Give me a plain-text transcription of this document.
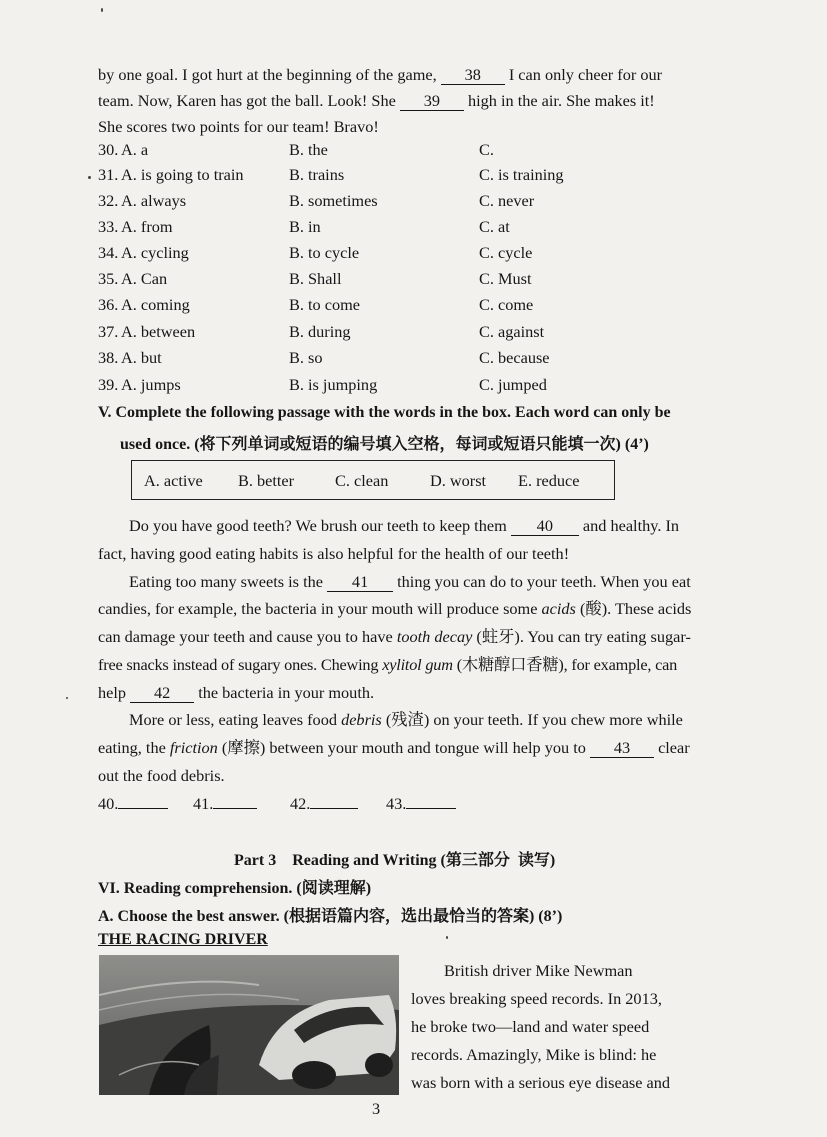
by one goal. I got hurt at the beginning of the game, 38 I can only cheer for our
team. Now, Karen has got the ball. Look! She 39 high in the air. She makes it!
She scores two points for our team! Bravo!
30. A. a	B. the	C.
31. A. is going to train	B. trains	C. is training
32. A. always	B. sometimes	C. never
33. A. from	B. in	C. at
34. A. cycling	B. to cycle	C. cycle
35. A. Can	B. Shall	C. Must
36. A. coming	B. to come	C. come
37. A. between	B. during	C. against
38. A. but	B. so	C. because
39. A. jumps	B. is jumping	C. jumped
V. Complete the following passage with the words in the box. Each word can only be
used once. (将下列单词或短语的编号填入空格，每词或短语只能填一次) (4’)
A. active B. better	C. clean	D. worst E. reduce
Do you have good teeth? We brush our teeth to keep them 40 and healthy. In
fact, having good eating habits is also helpful for the health of our teeth!
Eating too many sweets is the 41 thing you can do to your teeth. When you eat
candies, for example, the bacteria in your mouth will produce some acids (酸). These acids
can damage your teeth and cause you to have tooth decay (蛀牙). You can try eating sugar-
free snacks instead of sugary ones. Chewing xylitol gum (木糖醇口香糖), for example, can
help 42 the bacteria in your mouth.
More or less, eating leaves food debris (残渣) on your teeth. If you chew more while
eating, the friction (摩擦) between your mouth and tongue will help you to 43 clear
out the food debris.
40.	41.	42.	43.
Part 3    Reading and Writing (第三部分  读写)
VI. Reading comprehension. (阅读理解)
A. Choose the best answer. (根据语篇内容，选出最恰当的答案) (8’)
THE RACING DRIVER
British driver Mike Newman
loves breaking speed records. In 2013,
he broke two—land and water speed
records. Amazingly, Mike is blind: he
was born with a serious eye disease and
3
